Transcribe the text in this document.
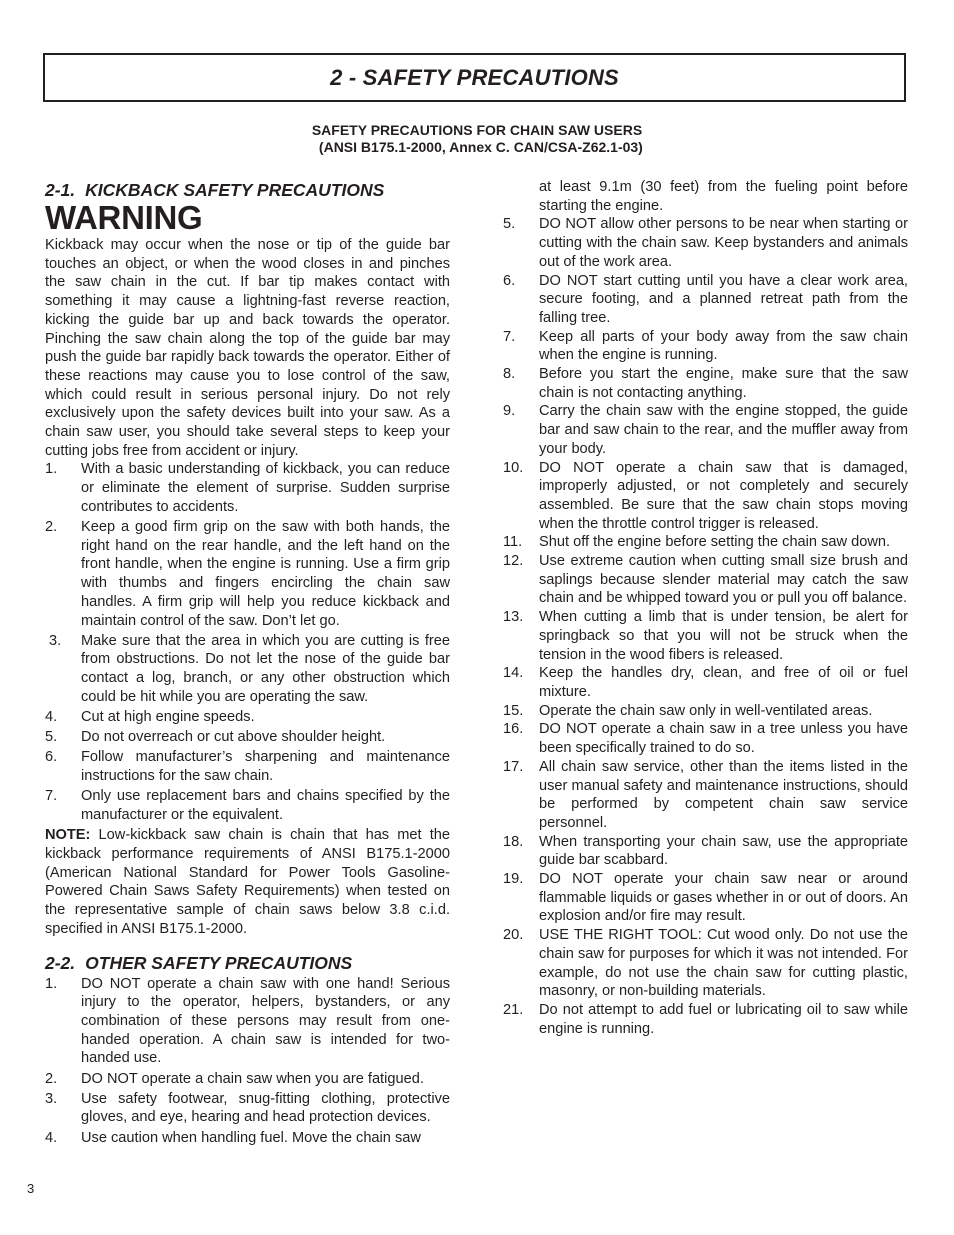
2 - SAFETY PRECAUTIONS
SAFETY PRECAUTIONS FOR CHAIN SAW USERS
(ANSI B175.1-2000, Annex C. CAN/CSA-Z62.1-03)
2-1. KICKBACK SAFETY PRECAUTIONS
WARNING

Kickback may occur when the nose or tip of the guide bar touches an object, or when the wood closes in and pinches the saw chain in the cut. If bar tip makes contact with something it may cause a lightning-fast reverse reaction, kicking the guide bar up and back towards the operator. Pinching the saw chain along the top of the guide bar may push the guide bar rapidly back towards the operator. Either of these reactions may cause you to lose control of the saw, which could result in serious personal injury. Do not rely exclusively upon the safety devices built into your saw. As a chain saw user, you should take several steps to keep your cutting jobs free from accident or injury.

1. With a basic understanding of kickback, you can reduce or eliminate the element of surprise. Sudden surprise contributes to accidents.
2. Keep a good firm grip on the saw with both hands, the right hand on the rear handle, and the left hand on the front handle, when the engine is running. Use a firm grip with thumbs and fingers encircling the chain saw handles. A firm grip will help you reduce kickback and maintain control of the saw. Don’t let go.
3. Make sure that the area in which you are cutting is free from obstructions. Do not let the nose of the guide bar contact a log, branch, or any other obstruction which could be hit while you are operating the saw.
4. Cut at high engine speeds.
5. Do not overreach or cut above shoulder height.
6. Follow manufacturer’s sharpening and maintenance instructions for the saw chain.
7. Only use replacement bars and chains specified by the manufacturer or the equivalent.

NOTE: Low-kickback saw chain is chain that has met the kickback performance requirements of ANSI B175.1-2000 (American National Standard for Power Tools Gasoline-Powered Chain Saws Safety Requirements) when tested on the representative sample of chain saws below 3.8 c.i.d. specified in ANSI B175.1-2000.

2-2. OTHER SAFETY PRECAUTIONS
1. DO NOT operate a chain saw with one hand! Serious injury to the operator, helpers, bystanders, or any combination of these persons may result from one-handed operation. A chain saw is intended for two-handed use.
2. DO NOT operate a chain saw when you are fatigued.
3. Use safety footwear, snug-fitting clothing, protective gloves, and eye, hearing and head protection devices.
4. Use caution when handling fuel. Move the chain saw
at least 9.1m (30 feet) from the fueling point before starting the engine.
5. DO NOT allow other persons to be near when starting or cutting with the chain saw. Keep bystanders and animals out of the work area.
6. DO NOT start cutting until you have a clear work area, secure footing, and a planned retreat path from the falling tree.
7. Keep all parts of your body away from the saw chain when the engine is running.
8. Before you start the engine, make sure that the saw chain is not contacting anything.
9. Carry the chain saw with the engine stopped, the guide bar and saw chain to the rear, and the muffler away from your body.
10. DO NOT operate a chain saw that is damaged, improperly adjusted, or not completely and securely assembled. Be sure that the saw chain stops moving when the throttle control trigger is released.
11. Shut off the engine before setting the chain saw down.
12. Use extreme caution when cutting small size brush and saplings because slender material may catch the saw chain and be whipped toward you or pull you off balance.
13. When cutting a limb that is under tension, be alert for springback so that you will not be struck when the tension in the wood fibers is released.
14. Keep the handles dry, clean, and free of oil or fuel mixture.
15. Operate the chain saw only in well-ventilated areas.
16. DO NOT operate a chain saw in a tree unless you have been specifically trained to do so.
17. All chain saw service, other than the items listed in the user manual safety and maintenance instructions, should be performed by competent chain saw service personnel.
18. When transporting your chain saw, use the appropriate guide bar scabbard.
19. DO NOT operate your chain saw near or around flammable liquids or gases whether in or out of doors. An explosion and/or fire may result.
20. USE THE RIGHT TOOL: Cut wood only. Do not use the chain saw for purposes for which it was not intended. For example, do not use the chain saw for cutting plastic, masonry, or non-building materials.
21. Do not attempt to add fuel or lubricating oil to saw while engine is running.
3
